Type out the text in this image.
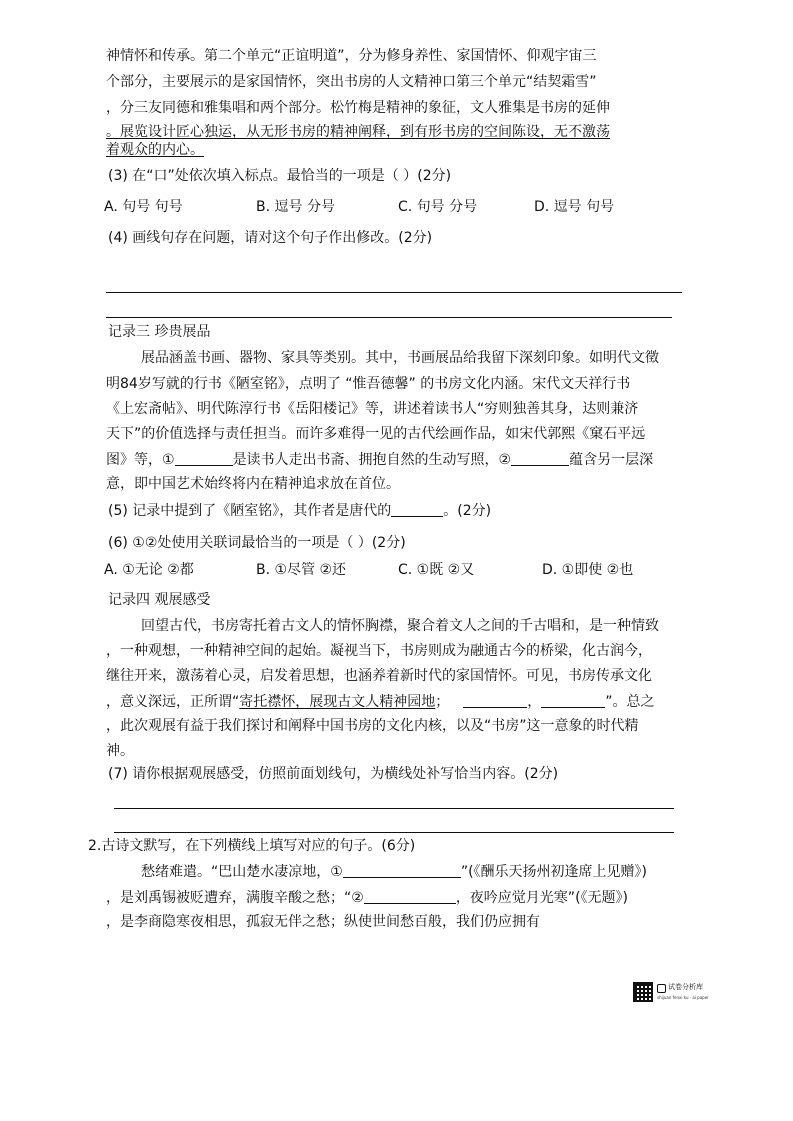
神情怀和传承。第二个单元“正谊明道”，分为修身养性、家国情怀、仰观宇宙三
个部分，主要展示的是家国情怀，突出书房的人文精神口第三个单元“结契霜雪”
，分三友同德和雅集唱和两个部分。松竹梅是精神的象征，文人雅集是书房的延伸
。展览设计匠心独运，从无形书房的精神阐释，到有形书房的空间陈设，无不激荡
着观众的内心。
(3) 在“口”处依次填入标点。最恰当的一项是（ ）(2分)
A. 句号 句号	B. 逗号 分号	C. 句号 分号	D. 逗号 句号
(4) 画线句存在问题，请对这个句子作出修改。(2分)
记录三 珍贵展品
展品涵盖书画、器物、家具等类别。其中，书画展品给我留下深刻印象。如明代文徵
明84岁写就的行书《陋室铭》，点明了 “惟吾德馨” 的书房文化内涵。宋代文天祥行书
《上宏斋帖》、明代陈淳行书《岳阳楼记》等，讲述着读书人“穷则独善其身，达则兼济
天下”的价值选择与责任担当。而许多难得一见的古代绘画作品，如宋代郭熙《窠石平远
图》等，①	是读书人走出书斋、拥抱自然的生动写照，②	蕴含另一层深
意，即中国艺术始终将内在精神追求放在首位。
(5) 记录中提到了《陋室铭》，其作者是唐代的	。(2分)
(6) ①②处使用关联词最恰当的一项是（ ）(2分)
A. ①无论 ②都	B. ①尽管 ②还	C. ①既 ②又	D. ①即使 ②也
记录四 观展感受
回望古代，书房寄托着古文人的情怀胸襟，聚合着文人之间的千古唱和，是一种情致
，一种观想，一种精神空间的起始。凝视当下，书房则成为融通古今的桥梁，化古润今，
继往开来，激荡着心灵，启发着思想，也涵养着新时代的家国情怀。可见，书房传承文化
，意义深远，正所谓“寄托襟怀，展现古文人精神园地；	，	”。总之
，此次观展有益于我们探讨和阐释中国书房的文化内核，以及“书房”这一意象的时代精
神。
(7) 请你根据观展感受，仿照前面划线句，为横线处补写恰当内容。(2分)
2.古诗文默写，在下列横线上填写对应的句子。(6分)
愁绪难遣。“巴山楚水凄凉地，①	”(《酬乐天扬州初逢席上见赠》)
，是刘禹锡被贬遭弃，满腹辛酸之愁；“②	，夜吟应觉月光寒”(《无题》)
，是李商隐寒夜相思，孤寂无伴之愁；纵使世间愁百般，我们仍应拥有
试卷分析库
shijuan fenxi ku · ai paper
